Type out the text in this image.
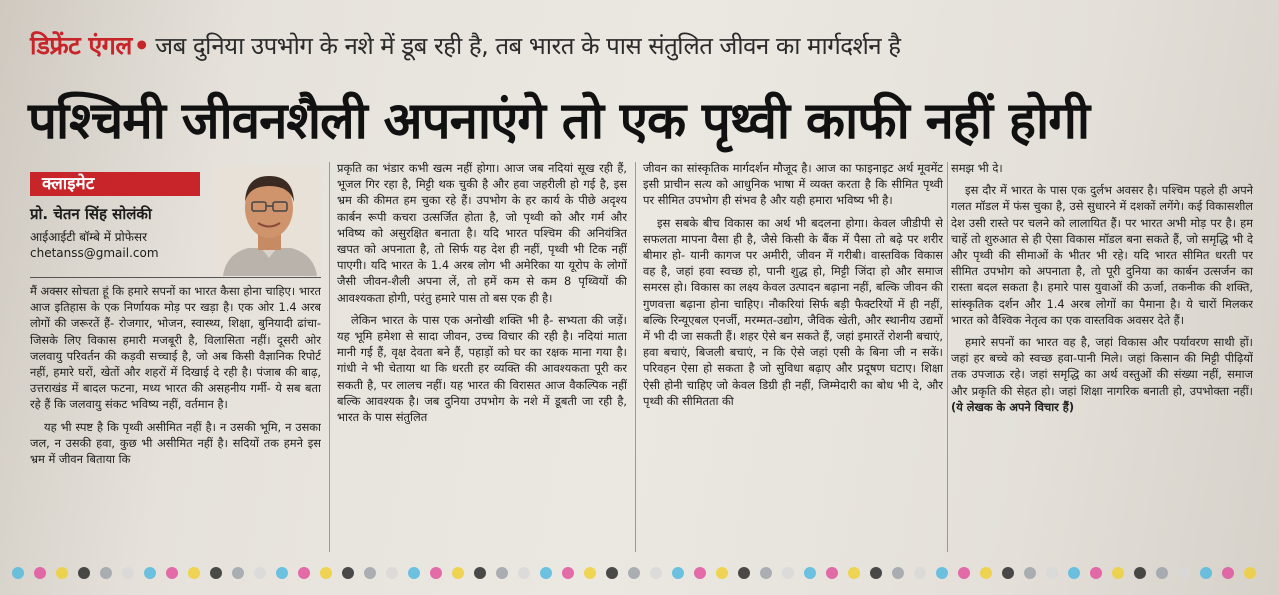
डिफ्रेंट एंगल• जब दुनिया उपभोग के नशे में डूब रही है, तब भारत के पास संतुलित जीवन का मार्गदर्शन है
पश्चिमी जीवनशैली अपनाएंगे तो एक पृथ्वी काफी नहीं होगी
क्लाइमेट
प्रो. चेतन सिंह सोलंकी
आईआईटी बॉम्बे में प्रोफेसर
chetanss@gmail.com

मैं अक्सर सोचता हूं कि हमारे सपनों का भारत कैसा होना चाहिए। भारत आज इतिहास के एक निर्णायक मोड़ पर खड़ा है। एक ओर 1.4 अरब लोगों की जरूरतें हैं- रोजगार, भोजन, स्वास्थ्य, शिक्षा, बुनियादी ढांचा- जिसके लिए विकास हमारी मजबूरी है, विलासिता नहीं। दूसरी ओर जलवायु परिवर्तन की कड़वी सच्चाई है, जो अब किसी वैज्ञानिक रिपोर्ट नहीं, हमारे घरों, खेतों और शहरों में दिखाई दे रही है। पंजाब की बाढ़, उत्तराखंड में बादल फटना, मध्य भारत की असहनीय गर्मी- ये सब बता रहे हैं कि जलवायु संकट भविष्य नहीं, वर्तमान है।

यह भी स्पष्ट है कि पृथ्वी असीमित नहीं है। न उसकी भूमि, न उसका जल, न उसकी हवा, कुछ भी असीमित नहीं है। सदियों तक हमने इस भ्रम में जीवन बिताया कि

प्रकृति का भंडार कभी खत्म नहीं होगा। आज जब नदियां सूख रही हैं, भूजल गिर रहा है, मिट्टी थक चुकी है और हवा जहरीली हो गई है, इस भ्रम की कीमत हम चुका रहे हैं। उपभोग के हर कार्य के पीछे अदृश्य कार्बन रूपी कचरा उत्सर्जित होता है, जो पृथ्वी को और गर्म और भविष्य को असुरक्षित बनाता है। यदि भारत पश्चिम की अनियंत्रित खपत को अपनाता है, तो सिर्फ यह देश ही नहीं, पृथ्वी भी टिक नहीं पाएगी। यदि भारत के 1.4 अरब लोग भी अमेरिका या यूरोप के लोगों जैसी जीवन-शैली अपना लें, तो हमें कम से कम 8 पृथ्वियों की आवश्यकता होगी, परंतु हमारे पास तो बस एक ही है।

लेकिन भारत के पास एक अनोखी शक्ति भी है- सभ्यता की जड़ें। यह भूमि हमेशा से सादा जीवन, उच्च विचार की रही है। नदियां माता मानी गई हैं, वृक्ष देवता बने हैं, पहाड़ों को घर का रक्षक माना गया है। गांधी ने भी चेताया था कि धरती हर व्यक्ति की आवश्यकता पूरी कर सकती है, पर लालच नहीं। यह भारत की विरासत आज वैकल्पिक नहीं बल्कि आवश्यक है। जब दुनिया उपभोग के नशे में डूबती जा रही है, भारत के पास संतुलित

जीवन का सांस्कृतिक मार्गदर्शन मौजूद है। आज का फाइनाइट अर्थ मूवमेंट इसी प्राचीन सत्य को आधुनिक भाषा में व्यक्त करता है कि सीमित पृथ्वी पर सीमित उपभोग ही संभव है और यही हमारा भविष्य भी है।

इस सबके बीच विकास का अर्थ भी बदलना होगा। केवल जीडीपी से सफलता मापना वैसा ही है, जैसे किसी के बैंक में पैसा तो बढ़े पर शरीर बीमार हो- यानी कागज पर अमीरी, जीवन में गरीबी। वास्तविक विकास वह है, जहां हवा स्वच्छ हो, पानी शुद्ध हो, मिट्टी जिंदा हो और समाज समरस हो। विकास का लक्ष्य केवल उत्पादन बढ़ाना नहीं, बल्कि जीवन की गुणवत्ता बढ़ाना होना चाहिए। नौकरियां सिर्फ बड़ी फैक्टरियों में ही नहीं, बल्कि रिन्यूएबल एनर्जी, मरम्मत-उद्योग, जैविक खेती, और स्थानीय उद्यमों में भी दी जा सकती हैं। शहर ऐसे बन सकते हैं, जहां इमारतें रोशनी बचाएं, हवा बचाएं, बिजली बचाएं, न कि ऐसे जहां एसी के बिना जी न सकें। परिवहन ऐसा हो सकता है जो सुविधा बढ़ाए और प्रदूषण घटाए। शिक्षा ऐसी होनी चाहिए जो केवल डिग्री ही नहीं, जिम्मेदारी का बोध भी दे, और पृथ्वी की सीमितता की

समझ भी दे।

इस दौर में भारत के पास एक दुर्लभ अवसर है। पश्चिम पहले ही अपने गलत मॉडल में फंस चुका है, उसे सुधारने में दशकों लगेंगे। कई विकासशील देश उसी रास्ते पर चलने को लालायित हैं। पर भारत अभी मोड़ पर है। हम चाहें तो शुरुआत से ही ऐसा विकास मॉडल बना सकते हैं, जो समृद्धि भी दे और पृथ्वी की सीमाओं के भीतर भी रहे। यदि भारत सीमित धरती पर सीमित उपभोग को अपनाता है, तो पूरी दुनिया का कार्बन उत्सर्जन का रास्ता बदल सकता है। हमारे पास युवाओं की ऊर्जा, तकनीक की शक्ति, सांस्कृतिक दर्शन और 1.4 अरब लोगों का पैमाना है। ये चारों मिलकर भारत को वैश्विक नेतृत्व का एक वास्तविक अवसर देते हैं।

हमारे सपनों का भारत वह है, जहां विकास और पर्यावरण साथी हों। जहां हर बच्चे को स्वच्छ हवा-पानी मिले। जहां किसान की मिट्टी पीढ़ियों तक उपजाऊ रहे। जहां समृद्धि का अर्थ वस्तुओं की संख्या नहीं, समाज और प्रकृति की सेहत हो। जहां शिक्षा नागरिक बनाती हो, उपभोक्ता नहीं। (ये लेखक के अपने विचार हैं)
